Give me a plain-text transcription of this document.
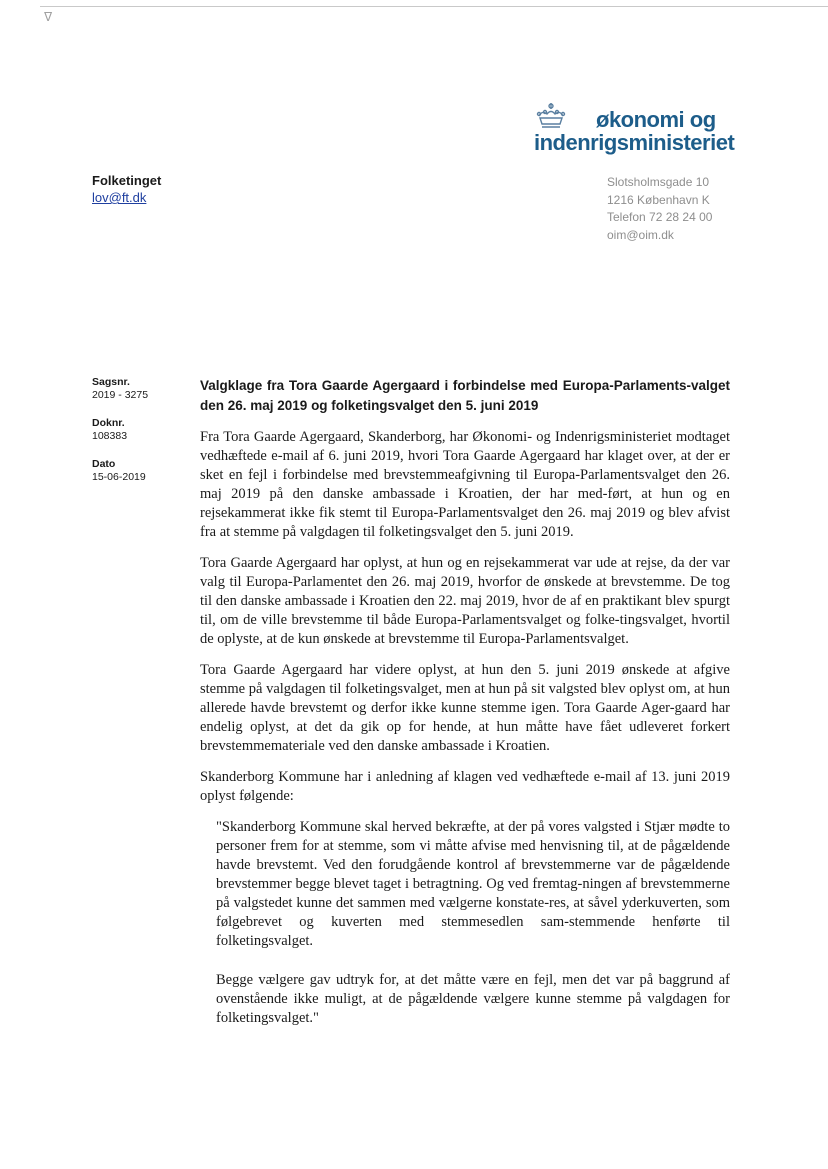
ᐁ
økonomi og
indenrigsministeriet
Folketinget
lov@ft.dk
Slotsholmsgade 10
1216 København K
Telefon 72 28 24 00
oim@oim.dk
Sagsnr.
2019 - 3275
Doknr.
108383
Dato
15-06-2019
Valgklage fra Tora Gaarde Agergaard i forbindelse med Europa-Parlaments-valget den 26. maj 2019 og folketingsvalget den 5. juni 2019

Fra Tora Gaarde Agergaard, Skanderborg, har Økonomi- og Indenrigsministeriet modtaget vedhæftede e-mail af 6. juni 2019, hvori Tora Gaarde Agergaard har klaget over, at der er sket en fejl i forbindelse med brevstemmeafgivning til Europa-Parlamentsvalget den 26. maj 2019 på den danske ambassade i Kroatien, der har med-ført, at hun og en rejsekammerat ikke fik stemt til Europa-Parlamentsvalget den 26. maj 2019 og blev afvist fra at stemme på valgdagen til folketingsvalget den 5. juni 2019.

Tora Gaarde Agergaard har oplyst, at hun og en rejsekammerat var ude at rejse, da der var valg til Europa-Parlamentet den 26. maj 2019, hvorfor de ønskede at brevstemme. De tog til den danske ambassade i Kroatien den 22. maj 2019, hvor de af en praktikant blev spurgt til, om de ville brevstemme til både Europa-Parlamentsvalget og folke-tingsvalget, hvortil de oplyste, at de kun ønskede at brevstemme til Europa-Parlamentsvalget.

Tora Gaarde Agergaard har videre oplyst, at hun den 5. juni 2019 ønskede at afgive stemme på valgdagen til folketingsvalget, men at hun på sit valgsted blev oplyst om, at hun allerede havde brevstemt og derfor ikke kunne stemme igen. Tora Gaarde Ager-gaard har endelig oplyst, at det da gik op for hende, at hun måtte have fået udleveret forkert brevstemmemateriale ved den danske ambassade i Kroatien.

Skanderborg Kommune har i anledning af klagen ved vedhæftede e-mail af 13. juni 2019 oplyst følgende:

"Skanderborg Kommune skal herved bekræfte, at der på vores valgsted i Stjær mødte to personer frem for at stemme, som vi måtte afvise med henvisning til, at de pågældende havde brevstemt. Ved den forudgående kontrol af brevstemmerne var de pågældende brevstemmer begge blevet taget i betragtning. Og ved fremtag-ningen af brevstemmerne på valgstedet kunne det sammen med vælgerne konstate-res, at såvel yderkuverten, som følgebrevet og kuverten med stemmesedlen sam-stemmende henførte til folketingsvalget.

Begge vælgere gav udtryk for, at det måtte være en fejl, men det var på baggrund af ovenstående ikke muligt, at de pågældende vælgere kunne stemme på valgdagen for folketingsvalget."
